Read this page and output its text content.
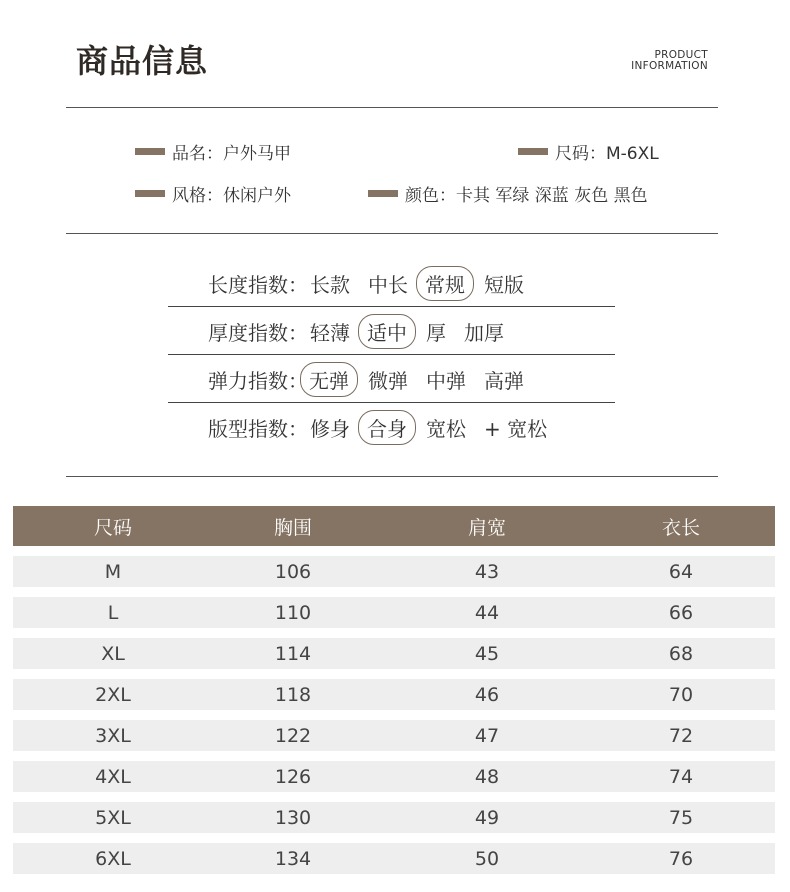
商品信息	PRODUCT
INFORMATION
品名：户外马甲	尺码：M-6XL
风格：休闲户外	颜色：卡其 军绿 深蓝 灰色 黑色
长度指数： 长款 中长 常规 短版
厚度指数： 轻薄 适中 厚 加厚
弹力指数： 无弹 微弹 中弹 高弹
版型指数： 修身 合身 宽松 + 宽松
尺码	胸围	肩宽	衣长
M	106	43	64
L	110	44	66
XL	114	45	68
2XL	118	46	70
3XL	122	47	72
4XL	126	48	74
5XL	130	49	75
6XL	134	50	76
